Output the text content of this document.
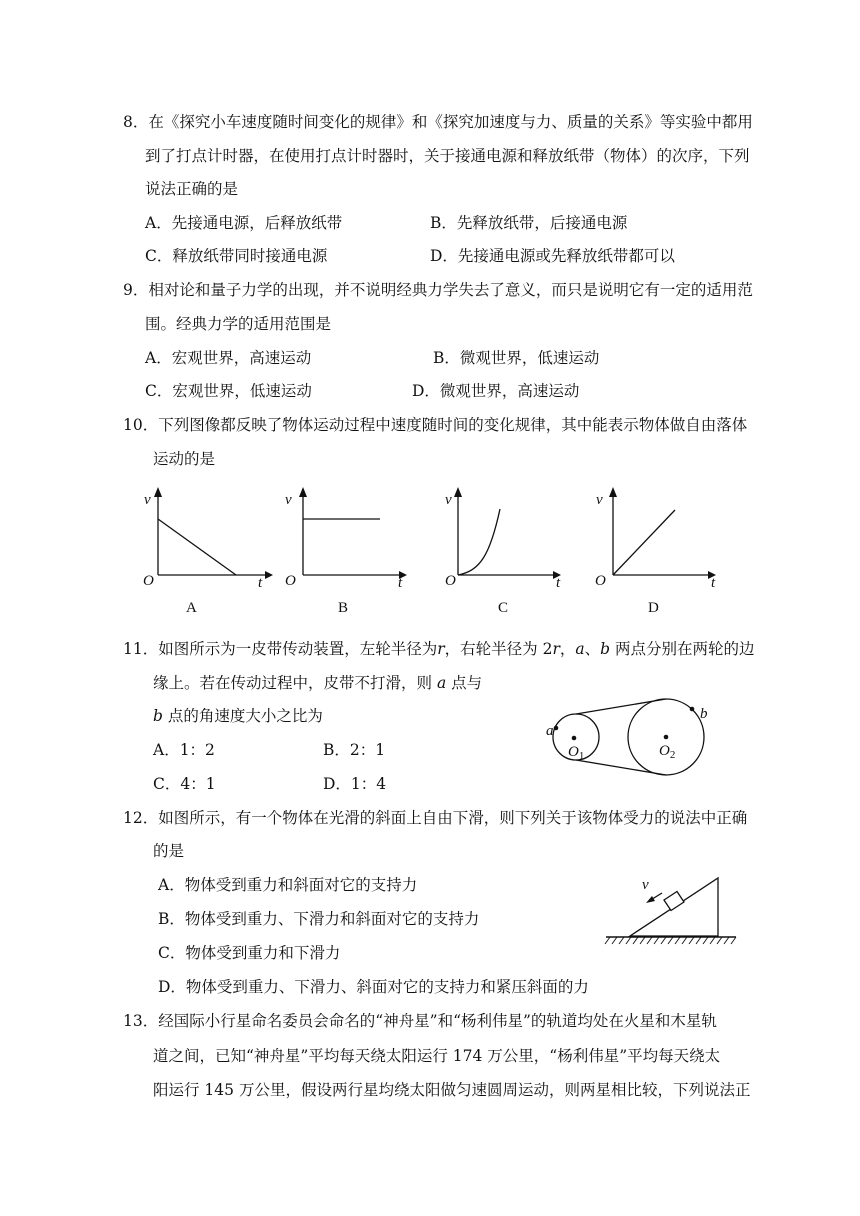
8．在《探究小车速度随时间变化的规律》和《探究加速度与力、质量的关系》等实验中都用
到了打点计时器，在使用打点计时器时，关于接通电源和释放纸带（物体）的次序，下列
说法正确的是
A．先接通电源，后释放纸带	B．先释放纸带，后接通电源
C．释放纸带同时接通电源	D．先接通电源或先释放纸带都可以
9．相对论和量子力学的出现，并不说明经典力学失去了意义，而只是说明它有一定的适用范
围。经典力学的适用范围是
A．宏观世界，高速运动	B．微观世界，低速运动
C．宏观世界，低速运动	D．微观世界，高速运动
10．下列图像都反映了物体运动过程中速度随时间的变化规律，其中能表示物体做自由落体
运动的是
v
O	t
A
v
O	t
B
v
O	t
C
v
O	t
D
11．如图所示为一皮带传动装置，左轮半径为r，右轮半径为 2r，a、b 两点分别在两轮的边
缘上。若在传动过程中，皮带不打滑，则 a 点与
b 点的角速度大小之比为
A．1：2	B．2：1
C．4：1	D．1：4
a
b
$O_1$	$O_2$
12．如图所示，有一个物体在光滑的斜面上自由下滑，则下列关于该物体受力的说法中正确
的是
A．物体受到重力和斜面对它的支持力
B．物体受到重力、下滑力和斜面对它的支持力
C．物体受到重力和下滑力
D．物体受到重力、下滑力、斜面对它的支持力和紧压斜面的力
v
13．经国际小行星命名委员会命名的“神舟星”和“杨利伟星”的轨道均处在火星和木星轨
道之间，已知“神舟星”平均每天绕太阳运行 174 万公里，“杨利伟星”平均每天绕太
阳运行 145 万公里，假设两行星均绕太阳做匀速圆周运动，则两星相比较，下列说法正
